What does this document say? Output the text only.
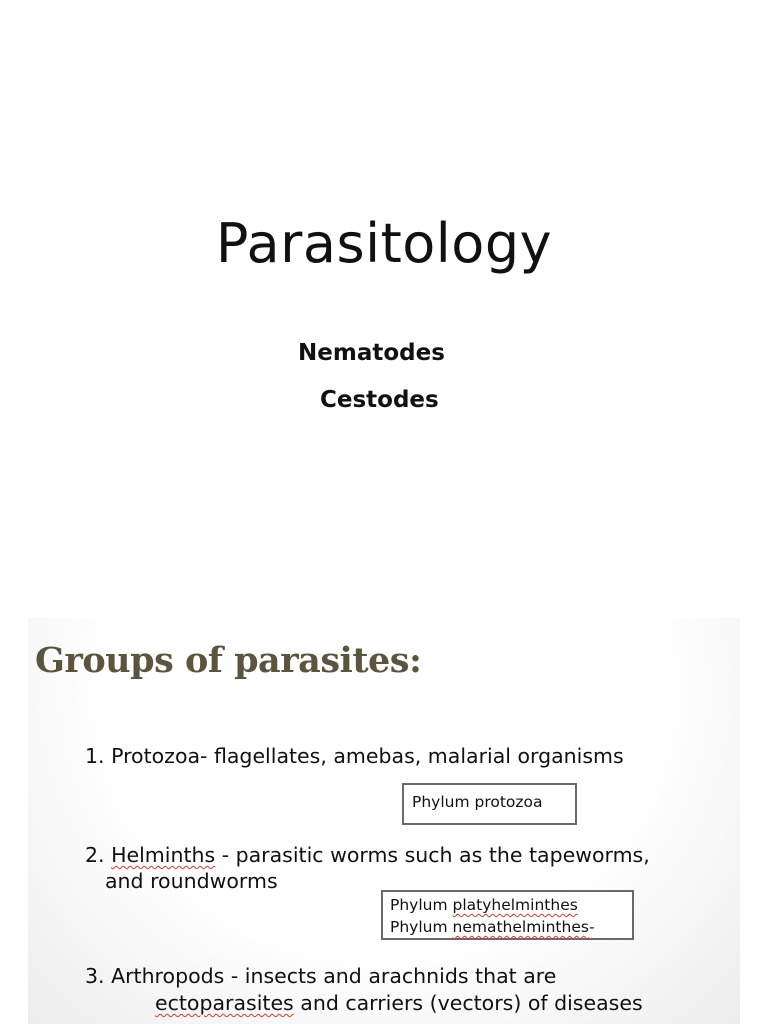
Parasitology
Nematodes
Cestodes
Groups of parasites:
1. Protozoa- flagellates, amebas, malarial organisms
Phylum protozoa
2. Helminths - parasitic worms such as the tapeworms,
and roundworms
Phylum platyhelminthes
Phylum nemathelminthes-
3. Arthropods - insects and arachnids that are
ectoparasites and carriers (vectors) of diseases
